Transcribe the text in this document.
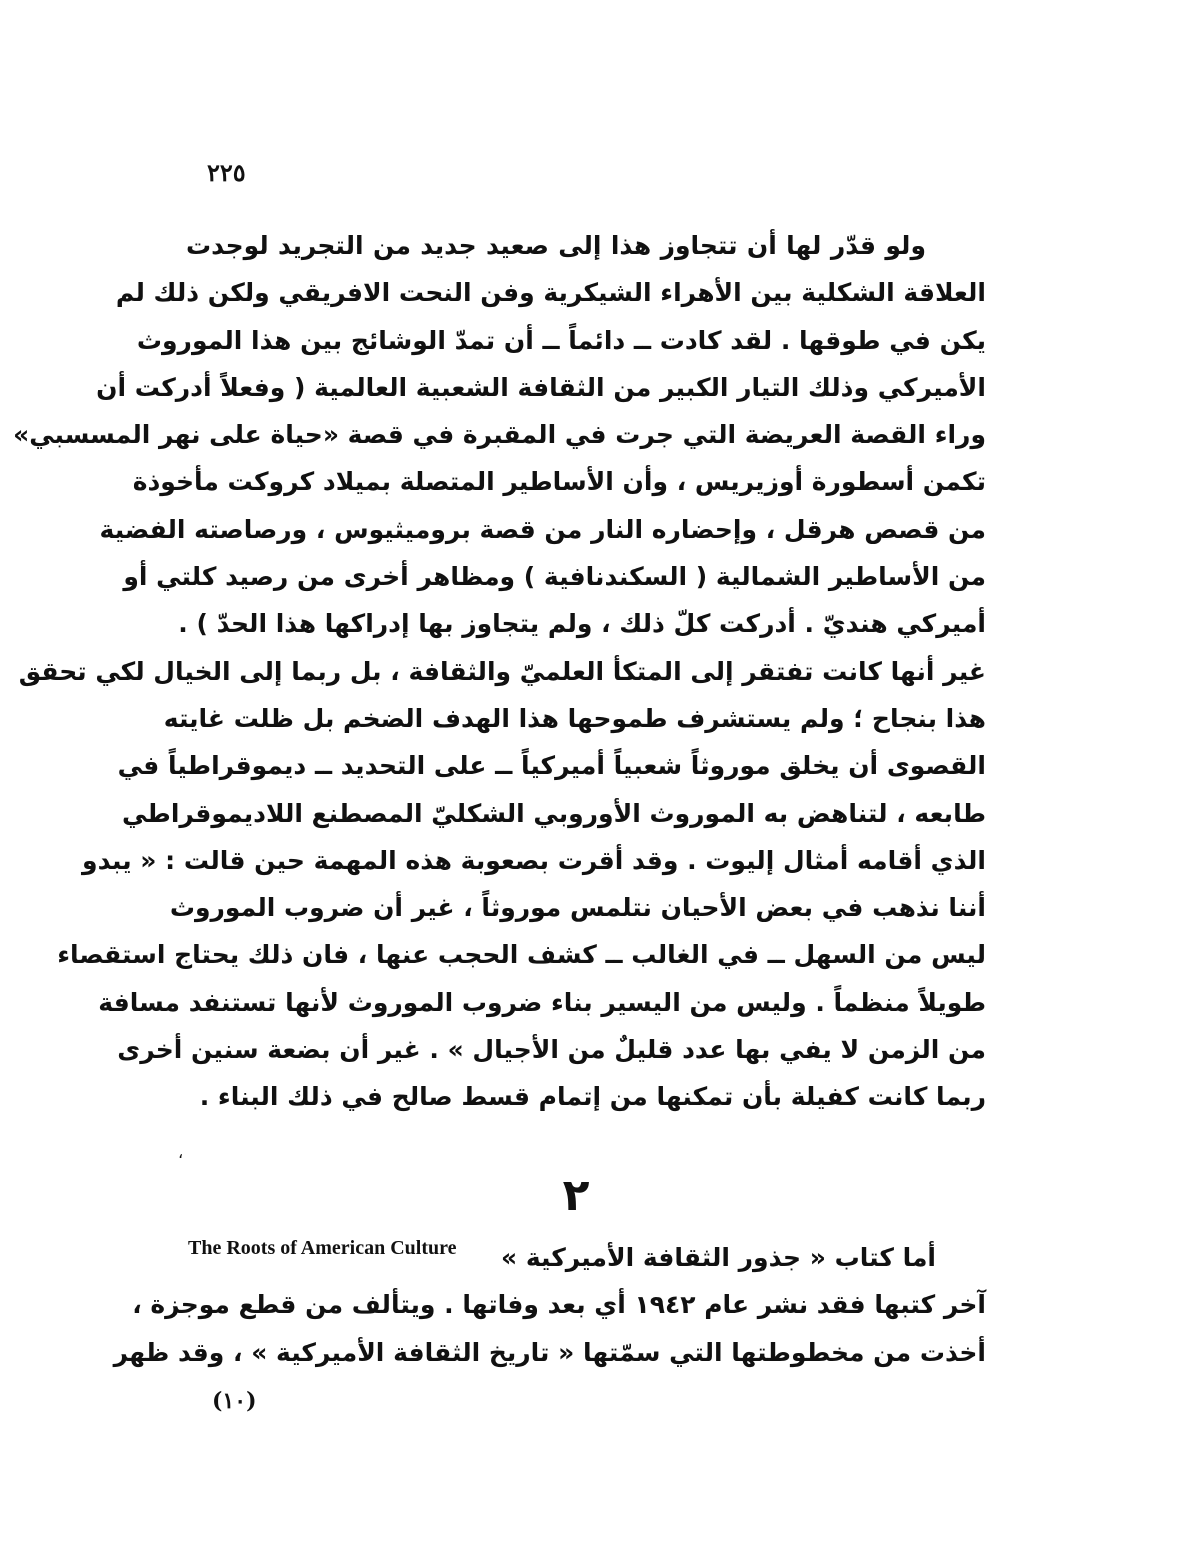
٢٢٥
ولو قدّر لها أن تتجاوز هذا إلى صعيد جديد من التجريد لوجدت
العلاقة الشكلية بين الأهراء الشيكرية وفن النحت الافريقي ولكن ذلك لم
يكن في طوقها . لقد كادت ــ دائماً ــ أن تمدّ الوشائج بين هذا الموروث
الأميركي وذلك التيار الكبير من الثقافة الشعبية العالمية ( وفعلاً أدركت أن
وراء القصة العريضة التي جرت في المقبرة في قصة «حياة على نهر المسسبي»
تكمن أسطورة أوزيريس ، وأن الأساطير المتصلة بميلاد كروكت مأخوذة
من قصص هرقل ، وإحضاره النار من قصة بروميثيوس ، ورصاصته الفضية
من الأساطير الشمالية ( السكندنافية ) ومظاهر أخرى من رصيد كلتي أو
أميركي هنديّ . أدركت كلّ ذلك ، ولم يتجاوز بها إدراكها هذا الحدّ ) .
غير أنها كانت تفتقر إلى المتكأ العلميّ والثقافة ، بل ربما إلى الخيال لكي تحقق
هذا بنجاح ؛ ولم يستشرف طموحها هذا الهدف الضخم بل ظلت غايته
القصوى أن يخلق موروثاً شعبياً أميركياً ــ على التحديد ــ ديموقراطياً في
طابعه ، لتناهض به الموروث الأوروبي الشكليّ المصطنع اللاديموقراطي
الذي أقامه أمثال إليوت . وقد أقرت بصعوبة هذه المهمة حين قالت : « يبدو
أننا نذهب في بعض الأحيان نتلمس موروثاً ، غير أن ضروب الموروث
ليس من السهل ــ في الغالب ــ كشف الحجب عنها ، فان ذلك يحتاج استقصاء
طويلاً منظماً . وليس من اليسير بناء ضروب الموروث لأنها تستنفد مسافة
من الزمن لا يفي بها عدد قليلٌ من الأجيال » . غير أن بضعة سنين أخرى
ربما كانت كفيلة بأن تمكنها من إتمام قسط صالح في ذلك البناء .
،
٢
أما كتاب « جذور الثقافة الأميركية »
آخر كتبها فقد نشر عام ١٩٤٢ أي بعد وفاتها . ويتألف من قطع موجزة ،
أخذت من مخطوطتها التي سمّتها « تاريخ الثقافة الأميركية » ، وقد ظهر
The Roots of American Culture
(١٠)
